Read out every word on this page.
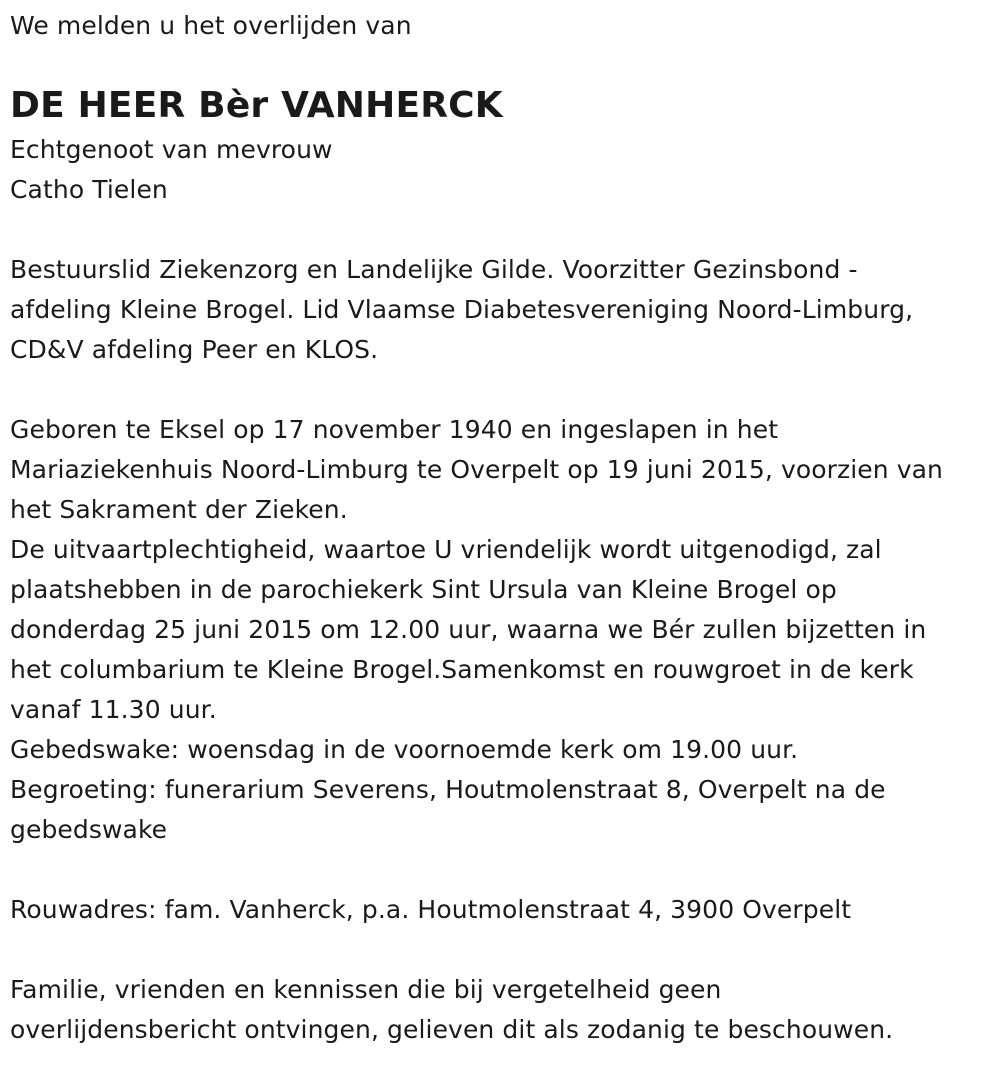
We melden u het overlijden van
DE HEER Bèr VANHERCK
Echtgenoot van mevrouw
Catho Tielen
Bestuurslid Ziekenzorg en Landelijke Gilde. Voorzitter Gezinsbond -
afdeling Kleine Brogel. Lid Vlaamse Diabetesvereniging Noord-Limburg,
CD&V afdeling Peer en KLOS.
Geboren te Eksel op 17 november 1940 en ingeslapen in het
Mariaziekenhuis Noord-Limburg te Overpelt op 19 juni 2015, voorzien van
het Sakrament der Zieken.
De uitvaartplechtigheid, waartoe U vriendelijk wordt uitgenodigd, zal
plaatshebben in de parochiekerk Sint Ursula van Kleine Brogel op
donderdag 25 juni 2015 om 12.00 uur, waarna we Bér zullen bijzetten in
het columbarium te Kleine Brogel.Samenkomst en rouwgroet in de kerk
vanaf 11.30 uur.
Gebedswake: woensdag in de voornoemde kerk om 19.00 uur.
Begroeting: funerarium Severens, Houtmolenstraat 8, Overpelt na de
gebedswake
Rouwadres: fam. Vanherck, p.a. Houtmolenstraat 4, 3900 Overpelt
Familie, vrienden en kennissen die bij vergetelheid geen
overlijdensbericht ontvingen, gelieven dit als zodanig te beschouwen.
